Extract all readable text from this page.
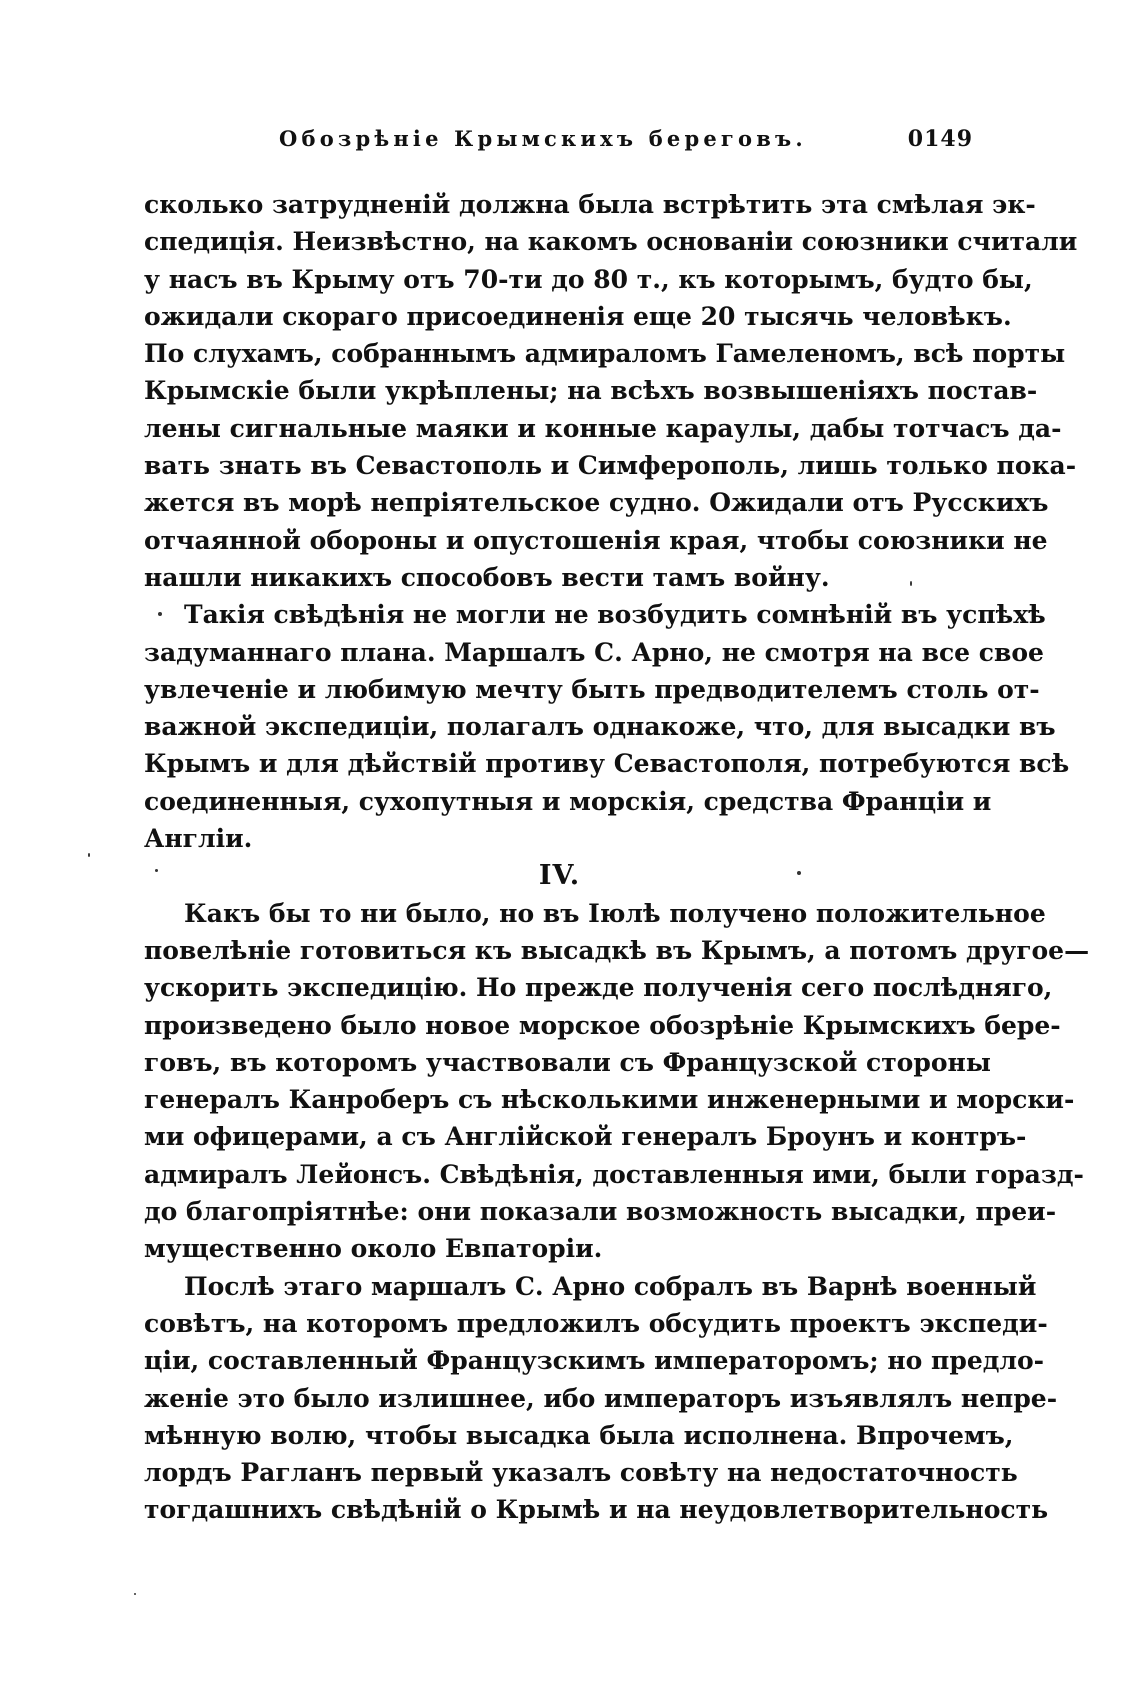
Обозрѣніе Крымскихъ береговъ.	0149
сколько затрудненій должна была встрѣтить эта смѣлая эк-
спедиція. Неизвѣстно, на какомъ основаніи союзники считали
у насъ въ Крыму отъ 70-ти до 80 т., къ которымъ, будто бы,
ожидали скораго присоединенія еще 20 тысячь человѣкъ.
По слухамъ, собраннымъ адмираломъ Гамеленомъ, всѣ порты
Крымскіе были укрѣплены; на всѣхъ возвышеніяхъ постав-
лены сигнальные маяки и конные караулы, дабы тотчасъ да-
вать знать въ Севастополь и Симферополь, лишь только пока-
жется въ морѣ непріятельское судно. Ожидали отъ Русскихъ
отчаянной обороны и опустошенія края, чтобы союзники не
нашли никакихъ способовъ вести тамъ войну.
Такія свѣдѣнія не могли не возбудить сомнѣній въ успѣхѣ
задуманнаго плана. Маршалъ С. Арно, не смотря на все свое
увлеченіе и любимую мечту быть предводителемъ столь от-
важной экспедиціи, полагалъ однакоже, что, для высадки въ
Крымъ и для дѣйствій противу Севастополя, потребуются всѣ
соединенныя, сухопутныя и морскія, средства Франціи и
Англіи.
IV.
Какъ бы то ни было, но въ Іюлѣ получено положительное
повелѣніе готовиться къ высадкѣ въ Крымъ, а потомъ другое—
ускорить экспедицію. Но прежде полученія сего послѣдняго,
произведено было новое морское обозрѣніе Крымскихъ бере-
говъ, въ которомъ участвовали съ Французской стороны
генералъ Канроберъ съ нѣсколькими инженерными и морски-
ми офицерами, а съ Англійской генералъ Броунъ и контръ-
адмиралъ Лейонсъ. Свѣдѣнія, доставленныя ими, были горазд-
до благопріятнѣе: они показали возможность высадки, преи-
мущественно около Евпаторіи.
Послѣ этаго маршалъ С. Арно собралъ въ Варнѣ военный
совѣтъ, на которомъ предложилъ обсудить проектъ экспеди-
ціи, составленный Французскимъ императоромъ; но предло-
женіе это было излишнее, ибо императоръ изъявлялъ непре-
мѣнную волю, чтобы высадка была исполнена. Впрочемъ,
лордъ Рагланъ первый указалъ совѣту на недостаточность
тогдашнихъ свѣдѣній о Крымѣ и на неудовлетворительность
